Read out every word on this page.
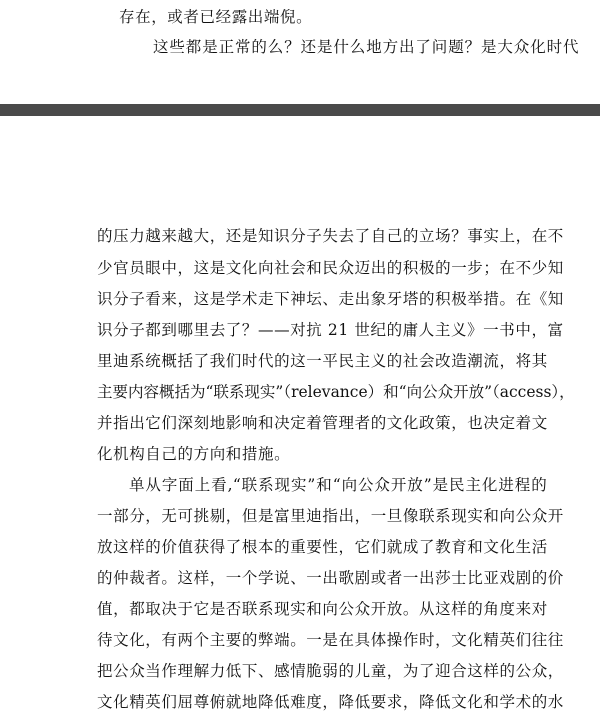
存在，或者已经露出端倪。
这些都是正常的么？还是什么地方出了问题？是大众化时代
的压力越来越大，还是知识分子失去了自己的立场？事实上，在不
少官员眼中，这是文化向社会和民众迈出的积极的一步；在不少知
识分子看来，这是学术走下神坛、走出象牙塔的积极举措。在《知
识分子都到哪里去了？——对抗 21 世纪的庸人主义》一书中，富
里迪系统概括了我们时代的这一平民主义的社会改造潮流，将其
主要内容概括为“联系现实”（relevance）和“向公众开放”（access），
并指出它们深刻地影响和决定着管理者的文化政策，也决定着文
化机构自己的方向和措施。
单从字面上看,“联系现实”和“向公众开放”是民主化进程的
一部分，无可挑剔，但是富里迪指出，一旦像联系现实和向公众开
放这样的价值获得了根本的重要性，它们就成了教育和文化生活
的仲裁者。这样，一个学说、一出歌剧或者一出莎士比亚戏剧的价
值，都取决于它是否联系现实和向公众开放。从这样的角度来对
待文化，有两个主要的弊端。一是在具体操作时，文化精英们往往
把公众当作理解力低下、感情脆弱的儿童，为了迎合这样的公众，
文化精英们屈尊俯就地降低难度，降低要求，降低文化和学术的水
